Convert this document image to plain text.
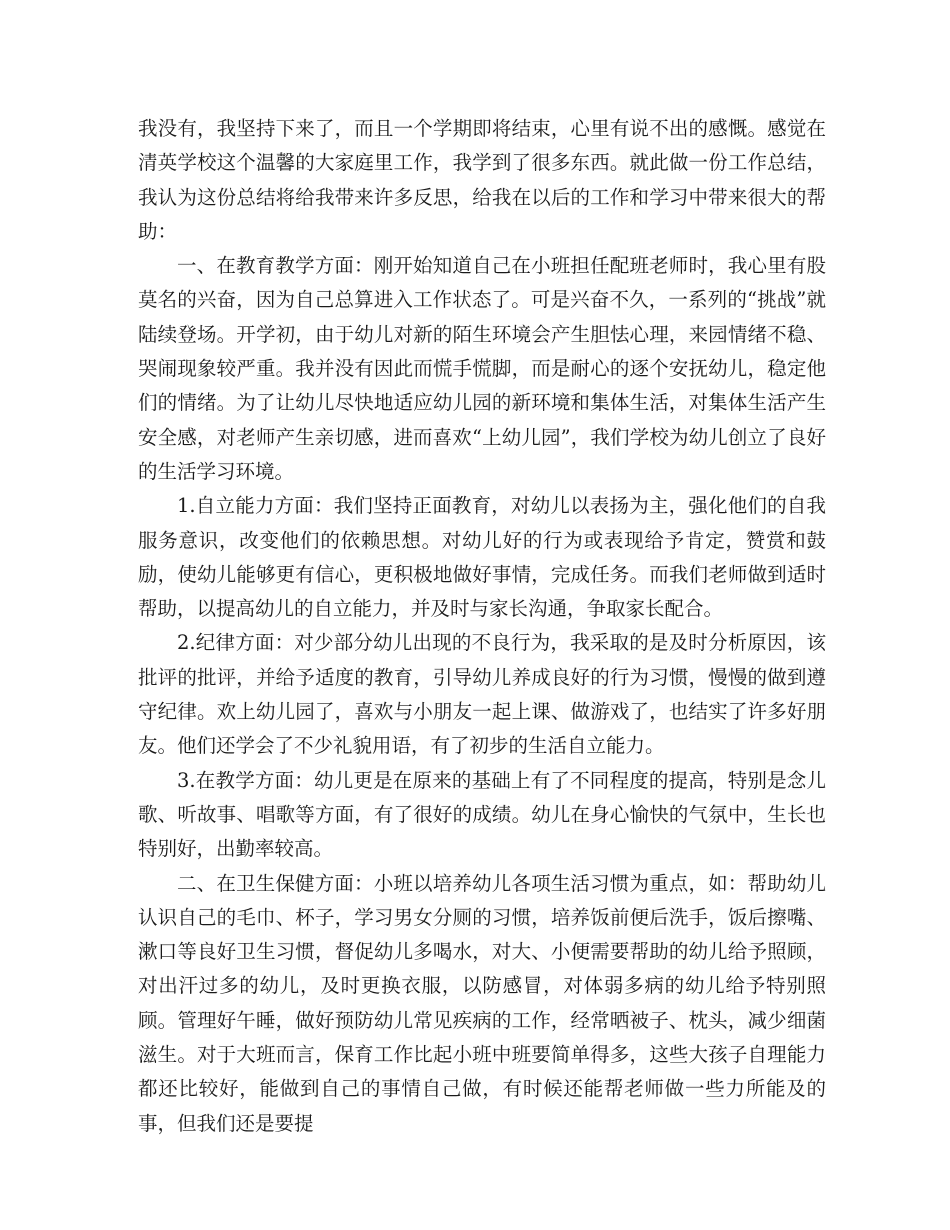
我没有，我坚持下来了，而且一个学期即将结束，心里有说不出的感慨。感觉在清英学校这个温馨的大家庭里工作，我学到了很多东西。就此做一份工作总结，我认为这份总结将给我带来许多反思，给我在以后的工作和学习中带来很大的帮助：

一、在教育教学方面：刚开始知道自己在小班担任配班老师时，我心里有股莫名的兴奋，因为自己总算进入工作状态了。可是兴奋不久，一系列的“挑战”就陆续登场。开学初，由于幼儿对新的陌生环境会产生胆怯心理，来园情绪不稳、哭闹现象较严重。我并没有因此而慌手慌脚，而是耐心的逐个安抚幼儿，稳定他们的情绪。为了让幼儿尽快地适应幼儿园的新环境和集体生活，对集体生活产生安全感，对老师产生亲切感，进而喜欢“上幼儿园”，我们学校为幼儿创立了良好的生活学习环境。

1.自立能力方面：我们坚持正面教育，对幼儿以表扬为主，强化他们的自我服务意识，改变他们的依赖思想。对幼儿好的行为或表现给予肯定，赞赏和鼓励，使幼儿能够更有信心，更积极地做好事情，完成任务。而我们老师做到适时帮助，以提高幼儿的自立能力，并及时与家长沟通，争取家长配合。

2.纪律方面：对少部分幼儿出现的不良行为，我采取的是及时分析原因，该批评的批评，并给予适度的教育，引导幼儿养成良好的行为习惯，慢慢的做到遵守纪律。欢上幼儿园了，喜欢与小朋友一起上课、做游戏了，也结实了许多好朋友。他们还学会了不少礼貌用语，有了初步的生活自立能力。

3.在教学方面：幼儿更是在原来的基础上有了不同程度的提高，特别是念儿歌、听故事、唱歌等方面，有了很好的成绩。幼儿在身心愉快的气氛中，生长也特别好，出勤率较高。

二、在卫生保健方面：小班以培养幼儿各项生活习惯为重点，如：帮助幼儿认识自己的毛巾、杯子，学习男女分厕的习惯，培养饭前便后洗手，饭后擦嘴、漱口等良好卫生习惯，督促幼儿多喝水，对大、小便需要帮助的幼儿给予照顾，对出汗过多的幼儿，及时更换衣服，以防感冒，对体弱多病的幼儿给予特别照顾。管理好午睡，做好预防幼儿常见疾病的工作，经常晒被子、枕头，减少细菌滋生。对于大班而言，保育工作比起小班中班要简单得多，这些大孩子自理能力都还比较好，能做到自己的事情自己做，有时候还能帮老师做一些力所能及的事，但我们还是要提
